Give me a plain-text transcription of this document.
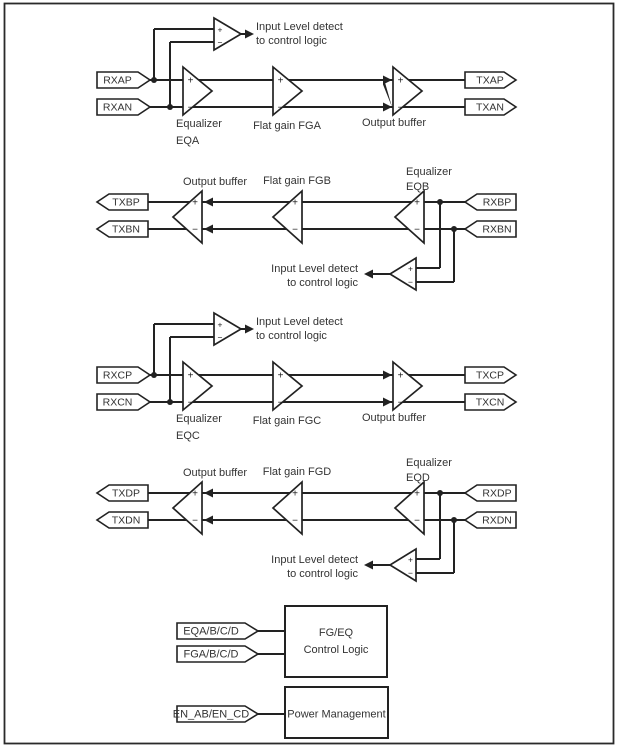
RXAP
RXAN
TXAP
TXAN
+
−
+
−
+
−
+
−
Equalizer
EQA
Flat gain FGA	Output buffer
Input Level detect
to control logic
TXBP
TXBN
RXBP
RXBN
+
−
+
−
+
−
+
−
Output buffer Flat gain FGB
Equalizer
EQB
Input Level detect
to control logic
RXCP
RXCN
TXCP
TXCN
+
−
+
−
+
−
+
−
Equalizer
EQC
Flat gain FGC	Output buffer
Input Level detect
to control logic
TXDP
TXDN
RXDP
RXDN
+
−
+
−
+
−
+
−
Output buffer Flat gain FGD
Equalizer
EQD
Input Level detect
to control logic
EQA/B/C/D
FGA/B/C/D
EN_AB/EN_CD
FG/EQ
Control Logic
Power Management
